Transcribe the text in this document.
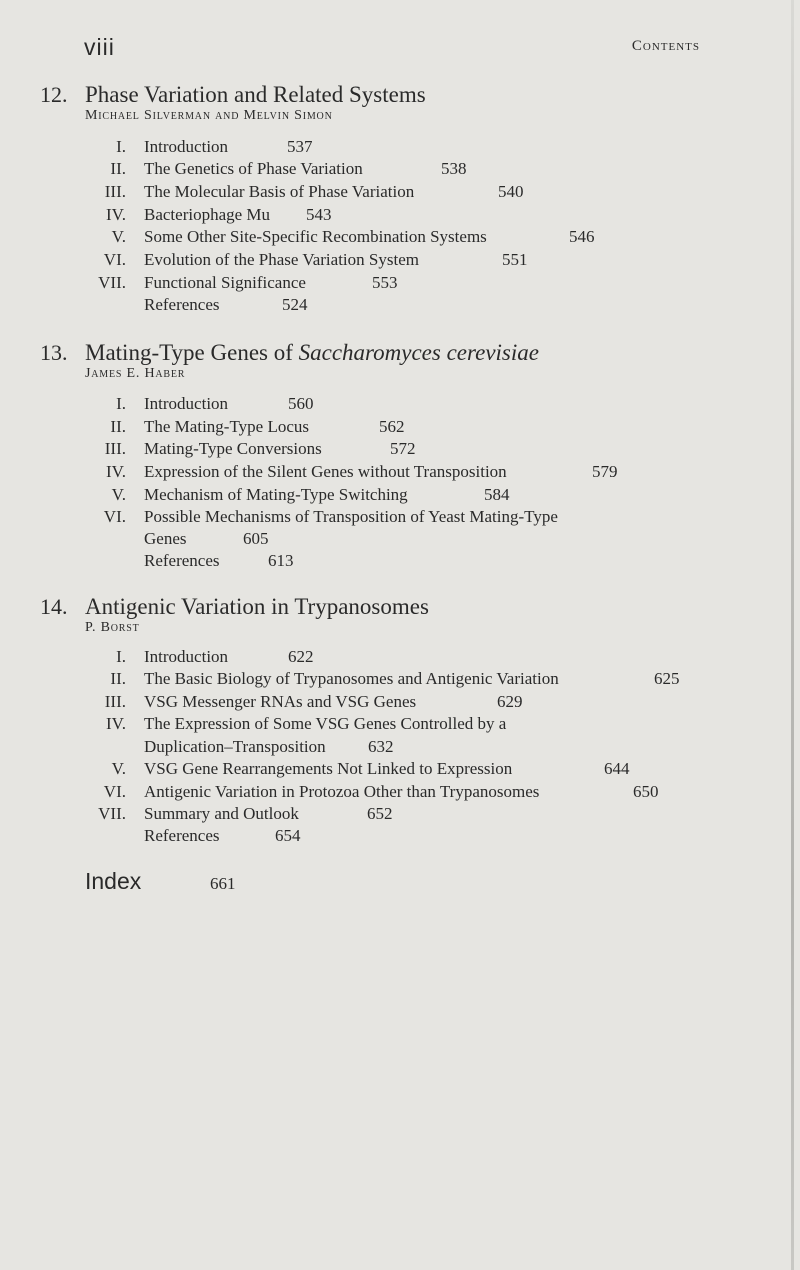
viii	Contents
12. Phase Variation and Related Systems
Michael Silverman and Melvin Simon
I. Introduction	537
II. The Genetics of Phase Variation	538
III. The Molecular Basis of Phase Variation	540
IV. Bacteriophage Mu 543
V. Some Other Site-Specific Recombination Systems	546
VI. Evolution of the Phase Variation System	551
VII. Functional Significance	553
References	524
13. Mating-Type Genes of Saccharomyces cerevisiae
James E. Haber
I. Introduction	560
II. The Mating-Type Locus	562
III. Mating-Type Conversions	572
IV. Expression of the Silent Genes without Transposition	579
V. Mechanism of Mating-Type Switching	584
VI. Possible Mechanisms of Transposition of Yeast Mating-Type
Genes	605
References	613
14. Antigenic Variation in Trypanosomes
P. Borst
I. Introduction	622
II. The Basic Biology of Trypanosomes and Antigenic Variation	625
III. VSG Messenger RNAs and VSG Genes	629
IV. The Expression of Some VSG Genes Controlled by a
Duplication–Transposition 632
V. VSG Gene Rearrangements Not Linked to Expression	644
VI. Antigenic Variation in Protozoa Other than Trypanosomes	650
VII. Summary and Outlook	652
References	654
Index	661
